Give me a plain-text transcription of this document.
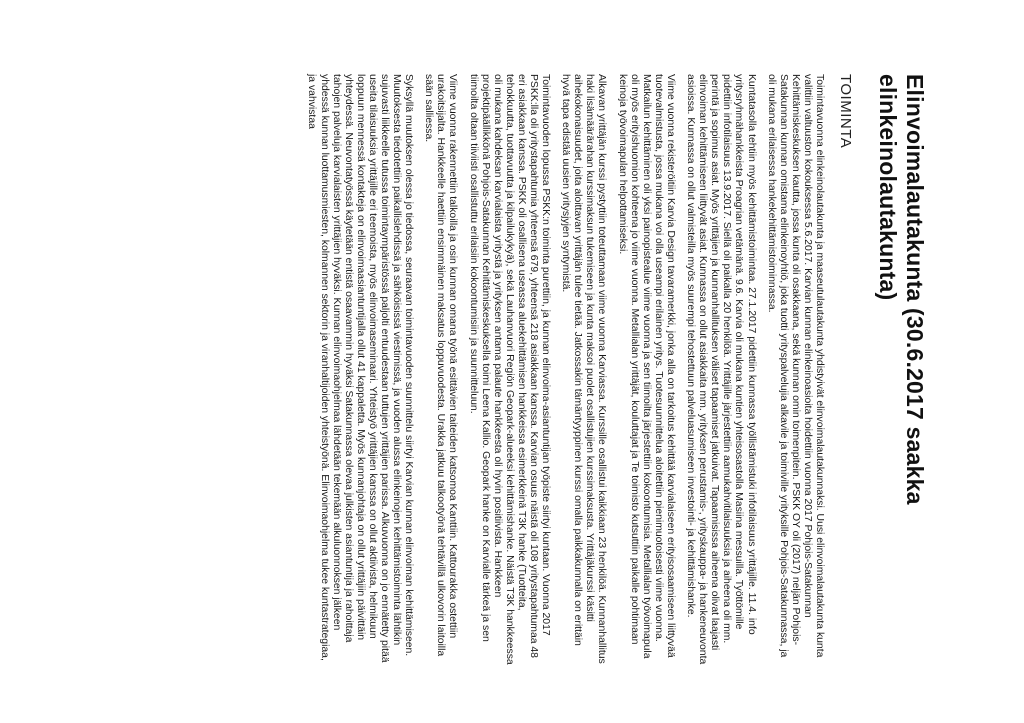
Elinvoimalautakunta (30.6.2017 saakka elinkeinolautakunta)
TOIMINTA

Toimintavuonna elinkeinolautakunta ja maaseutulautakunta yhdistyivät elinvoimalautakunnaksi. Uusi elinvoimalautakunta kunta valittiin valtuuston kokouksessa 5.6.2017. Karvian kunnan elinkeinoasioita hoidettiin vuonna 2017 Pohjois-Satakunnan Kehittämiskeskuksen kautta, jossa kunta oli osakkaana, sekä kunnan omin toimenpitein. PSKK OY oli (2017) neljän Pohjois-Satakunnan kunnan omistama elinkeinoyhtiö, joka tuotti yrityspalvelujia alkavile ja toimiville yrityksille Pohjois-Satakunnassa, ja oli mukana erilaisessa hankekehittämistoiminnassa.

Kuntatasolla tehtiin myös kehittämistoimintaa. 27.1.2017 pidettiin kunnassa työllistämistuki infotilaisuus yrittäjille. 11.4. info yritysryhmähankkeista Proagrian vetämänä. 9.6. Karvia oli mukana kuntien yhteisosastolla Masiina messuilla. Työttömille pidettiin infotilaisuus 13.9.2017. Siellä oli paikalla 20 henkilöä. Yrittäjille järjestettiin aamukahvitilaisuuksia ja aiheena oli mm. perintä ja sopimus asiat. Myös yrittäjien ja kunnanhallituksen väliset tapaamiset jatkuivat. Tapaamisissa aiheena olivat laajasti elinvoiman kehittämiseen liittyvät asiat. Kunnassa on ollut asiakkaita mm. yrityksen perustamis-, yrityskauppa- ja hankeneuvonta asioissa. Kunnassa on ollut valmisteilla myös suurempi tehostettuun palveluasumiseen investointi- ja kehittämishanke.

Viime vuonna rekisteröitiin Karvia Design tavaramerkki, jonka alla on tarkoitus kehittää karvialaiseen erityisosaamiseen liittyvää tuotevalmistusta, jossa mukana voi olla useampi erilainen yritys. Tuotesuunnittelua aloitettiin pienimuotoisesti viime vuonna. Matkailun kehittäminen oli yksi painopistealue viime vuonna ja sen tiimoilta järjestettiin kokoontumisia. Metallialan työvoimapula oli myös erityishuomion kohteena jo viime vuonna. Metallialan yrittäjät, kouluttajat ja Te toimisto kutsuttiin paikalle pohtimaan keinoja työvoimapulan helpottamiseksi.

Alkavan yrittäjän kurssi pystyttiin toteuttamaan viime vuonna Karviassa. Kurssille osallistui kaikkiaan 23 henkilöä. Kunnanhallitus haki lisämäärärahan kurssimaksun tukemiseen ja kunta maksoi puolet osallistujien kurssimaksusta. Yrittäjäkurssi käsitti aihekokonaisuudet, joita aloittavan yrittäjän tulee tietää. Jatkossakin tämäntyyppinen kurssi omalla paikkakunnalla on erittäin hyvä tapa edistää uusien yritysjyjen syntymistä.

Toimintavuoden lopussa PSKK:n toiminta purettiin, ja kunnan elinvoima-asiantuntijan työpiste siirtyi kuntaan. Vuonna 2017 PSKK:lla oli yritystapahtumia yhteensä 679, yhteensä 218 asiakkaan kanssa. Karvian osuus näistä oli 108 yritystapahtumaa 48 eri asiakkaan kanssa. PSKK oli osallisena useassa aluekehittämisen hankkeissa esimerkkeinä T3K hanke (Tuotteita, tehokkuutta, tuottavuutta ja kilpailukykyä), sekä Lauhanvuori Regiön Geopark-alueeksi kehittämishanke. Näistä T3K hankkeessa oli mukana kahdeksan karvialaista yritystä ja yrityksen antama palaute hankkeesta oli hyvin positiivista. Hankkeen projektipäällikkönä Pohjois-Satakunnan Kehittämiskeskuksella toimi Leena Kallio. Geopark hanke on Karvialle tärkeä ja sen tiimoilta oltaan tiiviisti osallistuttu erilaisiin kokoontumisiin ja suunnitteluun.

Viime vuonna rakennettiin talkoilla ja osin kunnan omana työnä esittävien taiteiden katsomoa Kanttiin. Kattourakka ostettiin urakoitsijalta. Hankkeelle haettiin ensimmäinen maksatus loppuvuodesta. Urakka jatkuu talkootyönä tehtävillä ulkovorin laitoilla sään salliessa.

Syksyllä muutoksen olessa jo tiedossa, seuraavan toimintavuoden suunnittelu siirtyi Karvian kunnan elinvoiman kehittämiseen. Muutoksesta tiedotettiin paikallislehdissä ja sähköisissä viestimissä, ja vuoden alussa elinkeinojen kehittämistoiminta lähtikin sujuvasti liikkeelle tutussa toimintaympäristössä paljolti entuudestaan tuttujen yrittäjien parissa. Alkuvuonna on jo ennätetty pitää useita tilaisuuksia yrittäjille eri teemoista, myös elinvoimaseminaari. Yhteistyö yrittäjien kanssa on ollut aktiivista, helmikuun loppuun mennessä kontakteja on elinvoimaasiantuntijalla ollut 41 kappaletta. Myös kunnanjohtaja on ollut yrittäjiin päivittäin yhteydessä. Neuvontatyössä käytetään entistä osaavammin hyväksi Satakunnassa olevaa julkisten asiantuntija ja rahoittaja tahojen palveluja karvialaisten yrittäjien hyväksi. Kunnan elinvoimaohjelmaa lähdetään tekemään alkuluonnoksen jälkeen yhdessä kunnan luottamusmiesten, kolmannen sektorin ja viranhaltijoiden yhteistyönä. Elinvoimaohjelma tukee kuntastrategiaa, ja vahvistaa
